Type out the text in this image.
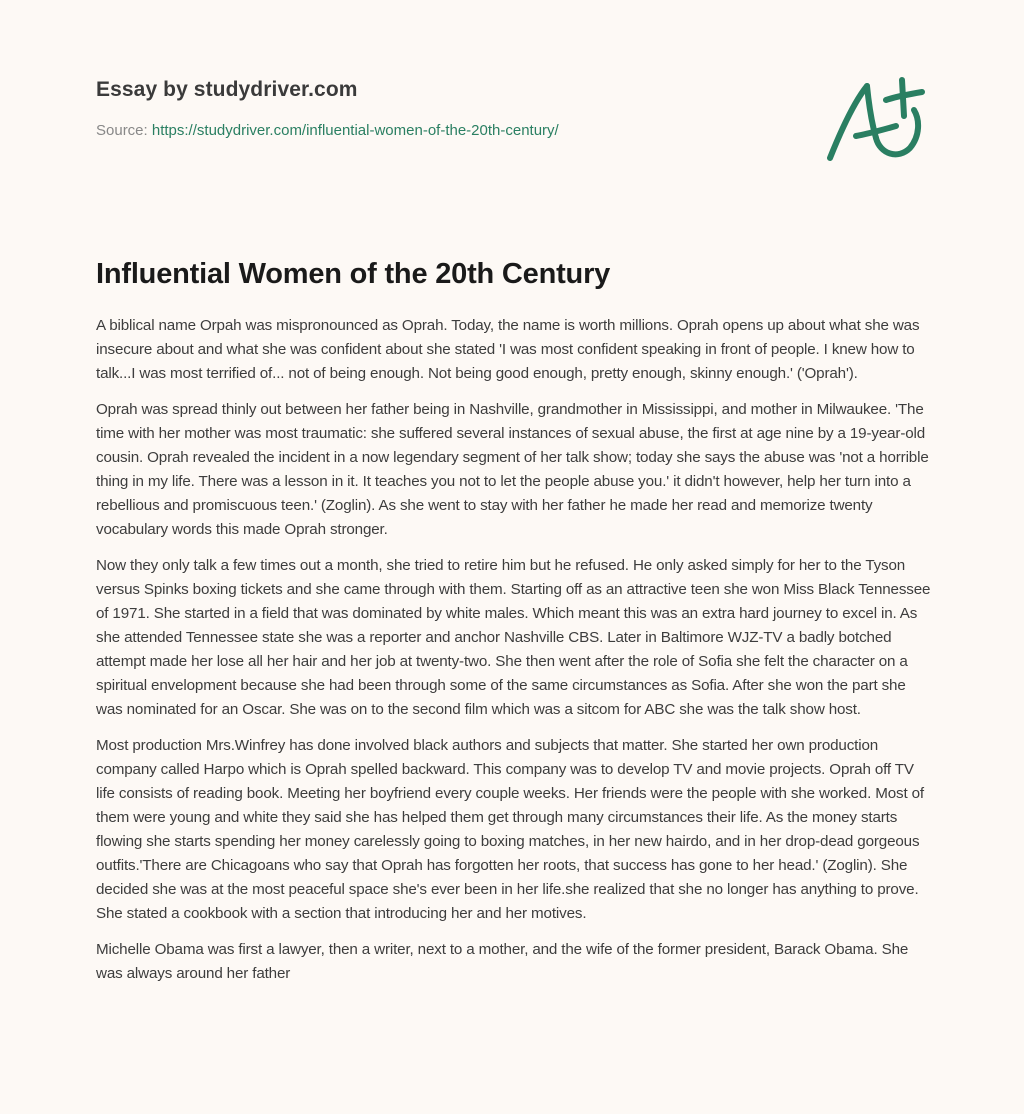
Essay by studydriver.com
Source: https://studydriver.com/influential-women-of-the-20th-century/
Influential Women of the 20th Century

A biblical name Orpah was mispronounced as Oprah. Today, the name is worth millions. Oprah opens up about what she was insecure about and what she was confident about she stated 'I was most confident speaking in front of people. I knew how to talk...I was most terrified of... not of being enough. Not being good enough, pretty enough, skinny enough.' ('Oprah').

Oprah was spread thinly out between her father being in Nashville, grandmother in Mississippi, and mother in Milwaukee. 'The time with her mother was most traumatic: she suffered several instances of sexual abuse, the first at age nine by a 19-year-old cousin. Oprah revealed the incident in a now legendary segment of her talk show; today she says the abuse was 'not a horrible thing in my life. There was a lesson in it. It teaches you not to let the people abuse you.' it didn't however, help her turn into a rebellious and promiscuous teen.' (Zoglin). As she went to stay with her father he made her read and memorize twenty vocabulary words this made Oprah stronger.

Now they only talk a few times out a month, she tried to retire him but he refused. He only asked simply for her to the Tyson versus Spinks boxing tickets and she came through with them. Starting off as an attractive teen she won Miss Black Tennessee of 1971. She started in a field that was dominated by white males. Which meant this was an extra hard journey to excel in. As she attended Tennessee state she was a reporter and anchor Nashville CBS. Later in Baltimore WJZ-TV a badly botched attempt made her lose all her hair and her job at twenty-two. She then went after the role of Sofia she felt the character on a spiritual envelopment because she had been through some of the same circumstances as Sofia. After she won the part she was nominated for an Oscar. She was on to the second film which was a sitcom for ABC she was the talk show host.

Most production Mrs.Winfrey has done involved black authors and subjects that matter. She started her own production company called Harpo which is Oprah spelled backward. This company was to develop TV and movie projects. Oprah off TV life consists of reading book. Meeting her boyfriend every couple weeks. Her friends were the people with she worked. Most of them were young and white they said she has helped them get through many circumstances their life. As the money starts flowing she starts spending her money carelessly going to boxing matches, in her new hairdo, and in her drop-dead gorgeous outfits.'There are Chicagoans who say that Oprah has forgotten her roots, that success has gone to her head.' (Zoglin). She decided she was at the most peaceful space she's ever been in her life.she realized that she no longer has anything to prove. She stated a cookbook with a section that introducing her and her motives.

Michelle Obama was first a lawyer, then a writer, next to a mother, and the wife of the former president, Barack Obama. She was always around her father
